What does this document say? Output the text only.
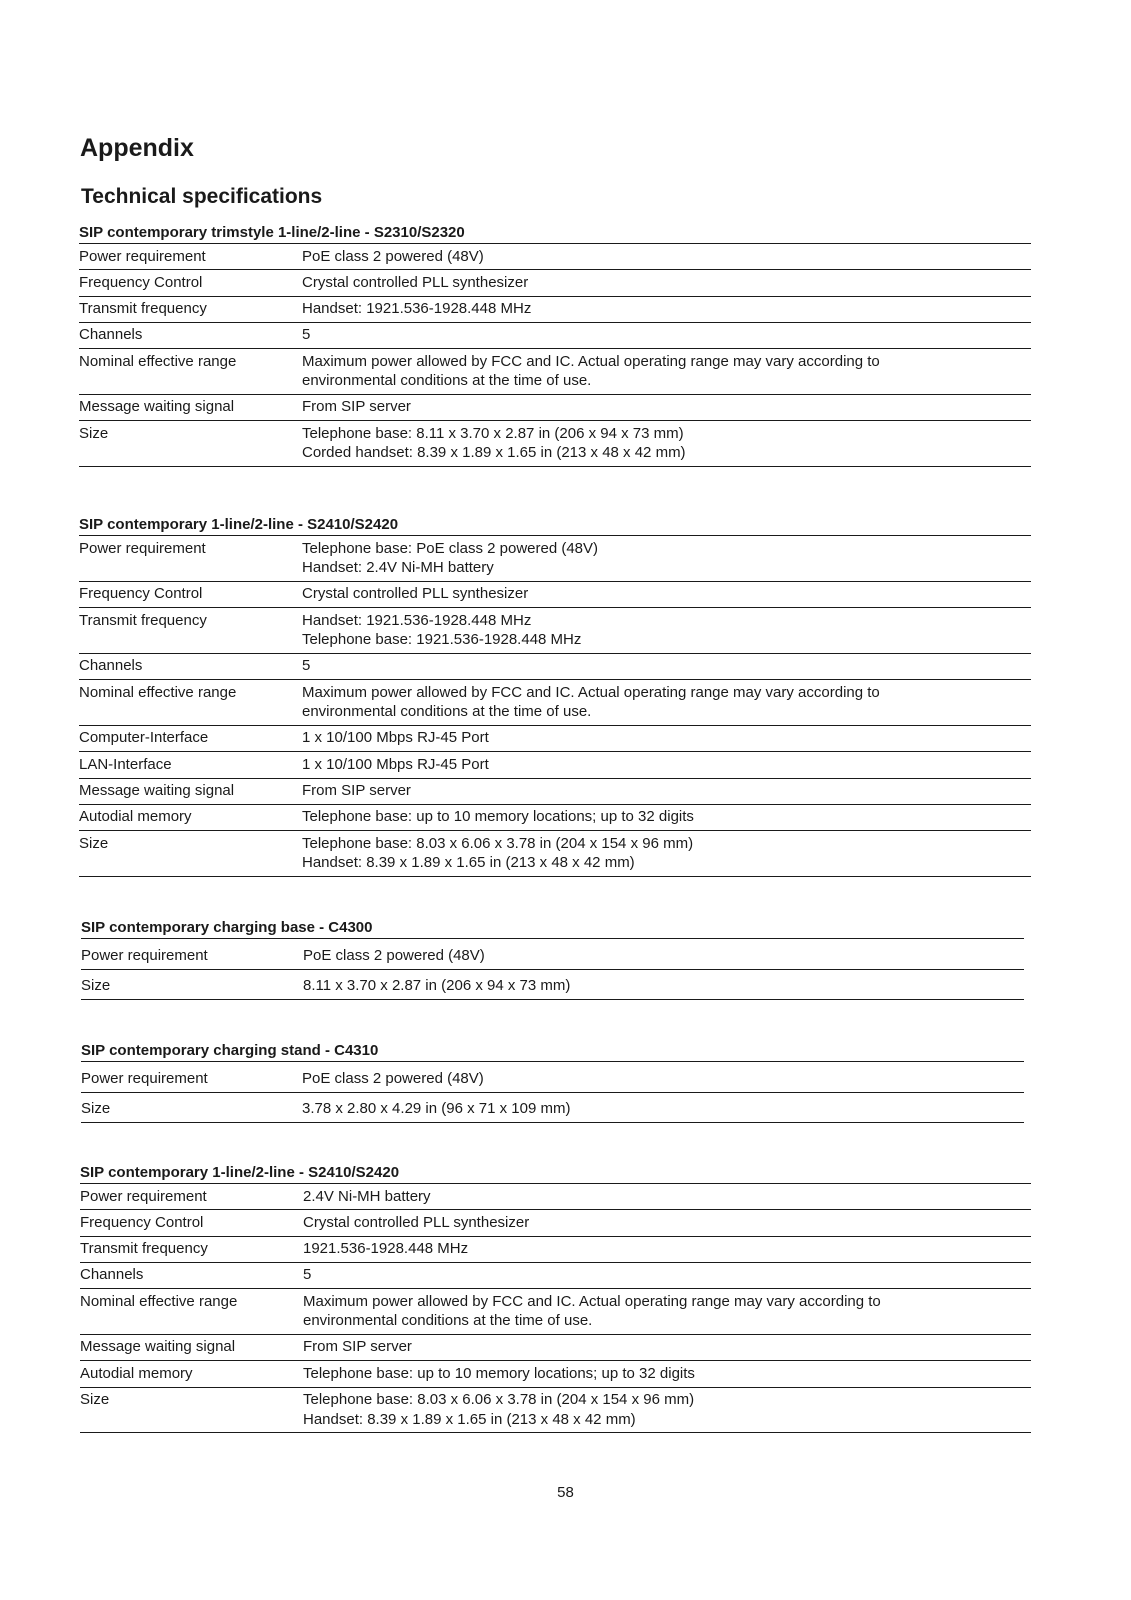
Appendix
Technical specifications
SIP contemporary trimstyle 1-line/2-line - S2310/S2320
Power requirement	PoE class 2 powered (48V)
Frequency Control	Crystal controlled PLL synthesizer
Transmit frequency	Handset: 1921.536-1928.448 MHz
Channels	5
Nominal effective range	Maximum power allowed by FCC and IC. Actual operating range may vary according to
environmental conditions at the time of use.
Message waiting signal	From SIP server
Size	Telephone base: 8.11 x 3.70 x 2.87 in (206 x 94 x 73 mm)
Corded handset: 8.39 x 1.89 x 1.65 in (213 x 48 x 42 mm)
SIP contemporary 1-line/2-line - S2410/S2420
Power requirement	Telephone base: PoE class 2 powered (48V)
Handset: 2.4V Ni-MH battery
Frequency Control	Crystal controlled PLL synthesizer
Transmit frequency	Handset: 1921.536-1928.448 MHz
Telephone base: 1921.536-1928.448 MHz
Channels	5
Nominal effective range	Maximum power allowed by FCC and IC. Actual operating range may vary according to
environmental conditions at the time of use.
Computer-Interface	1 x 10/100 Mbps RJ-45 Port
LAN-Interface	1 x 10/100 Mbps RJ-45 Port
Message waiting signal	From SIP server
Autodial memory	Telephone base: up to 10 memory locations; up to 32 digits
Size	Telephone base: 8.03 x 6.06 x 3.78 in (204 x 154 x 96 mm)
Handset: 8.39 x 1.89 x 1.65 in (213 x 48 x 42 mm)
SIP contemporary charging base - C4300
Power requirement	PoE class 2 powered (48V)
Size	8.11 x 3.70 x 2.87 in (206 x 94 x 73 mm)
SIP contemporary charging stand - C4310
Power requirement	PoE class 2 powered (48V)
Size	3.78 x 2.80 x 4.29 in (96 x 71 x 109 mm)
SIP contemporary 1-line/2-line - S2410/S2420
Power requirement	2.4V Ni-MH battery
Frequency Control	Crystal controlled PLL synthesizer
Transmit frequency	1921.536-1928.448 MHz
Channels	5
Nominal effective range	Maximum power allowed by FCC and IC. Actual operating range may vary according to
environmental conditions at the time of use.
Message waiting signal	From SIP server
Autodial memory	Telephone base: up to 10 memory locations; up to 32 digits
Size	Telephone base: 8.03 x 6.06 x 3.78 in (204 x 154 x 96 mm)
Handset: 8.39 x 1.89 x 1.65 in (213 x 48 x 42 mm)
58
